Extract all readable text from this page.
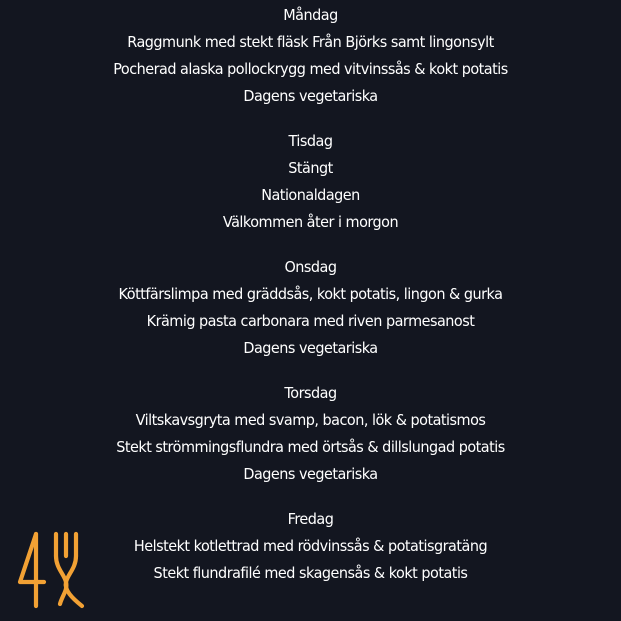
Måndag
Raggmunk med stekt fläsk Från Björks samt lingonsylt
Pocherad alaska pollockrygg med vitvinssås & kokt potatis
Dagens vegetariska
Tisdag
Stängt
Nationaldagen
Välkommen åter i morgon
Onsdag
Köttfärslimpa med gräddsås, kokt potatis, lingon & gurka
Krämig pasta carbonara med riven parmesanost
Dagens vegetariska
Torsdag
Viltskavsgryta med svamp, bacon, lök & potatismos
Stekt strömmingsflundra med örtsås & dillslungad potatis
Dagens vegetariska
Fredag
Helstekt kotlettrad med rödvinssås & potatisgratäng
Stekt flundrafilé med skagensås & kokt potatis
